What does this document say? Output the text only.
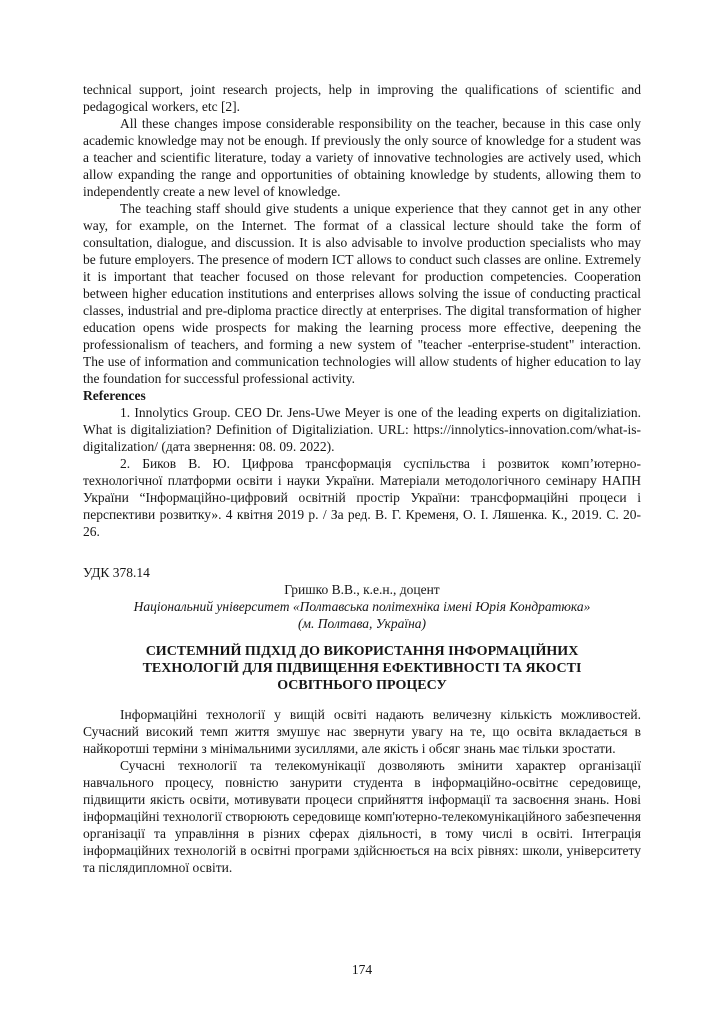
technical support, joint research projects, help in improving the qualifications of scientific and pedagogical workers, etc [2].

All these changes impose considerable responsibility on the teacher, because in this case only academic knowledge may not be enough. If previously the only source of knowledge for a student was a teacher and scientific literature, today a variety of innovative technologies are actively used, which allow expanding the range and opportunities of obtaining knowledge by students, allowing them to independently create a new level of knowledge.

The teaching staff should give students a unique experience that they cannot get in any other way, for example, on the Internet. The format of a classical lecture should take the form of consultation, dialogue, and discussion. It is also advisable to involve production specialists who may be future employers. The presence of modern ICT allows to conduct such classes are online. Extremely it is important that teacher focused on those relevant for production competencies. Cooperation between higher education institutions and enterprises allows solving the issue of conducting practical classes, industrial and pre-diploma practice directly at enterprises. The digital transformation of higher education opens wide prospects for making the learning process more effective, deepening the professionalism of teachers, and forming a new system of "teacher -enterprise-student" interaction. The use of information and communication technologies will allow students of higher education to lay the foundation for successful professional activity.

References

1. Innolytics Group. CEO Dr. Jens-Uwe Meyer is one of the leading experts on digitaliziation. What is digitaliziation? Definition of Digitaliziation. URL: https://innolytics-innovation.com/what-is-digitalization/ (дата звернення: 08. 09. 2022).

2. Биков В. Ю. Цифрова трансформація суспільства і розвиток комп’ютерно-технологічної платформи освіти і науки України. Матеріали методологічного семінару НАПН України “Інформаційно-цифровий освітній простір України: трансформаційні процеси і перспективи розвитку». 4 квітня 2019 р. / За ред. В. Г. Кременя, О. І. Ляшенка. К., 2019. С. 20-26.

УДК 378.14

Гришко В.В., к.е.н., доцент

Національний університет «Полтавська політехніка імені Юрія Кондратюка»

(м. Полтава, Україна)

СИСТЕМНИЙ ПІДХІД ДО ВИКОРИСТАННЯ ІНФОРМАЦІЙНИХ
ТЕХНОЛОГІЙ ДЛЯ ПІДВИЩЕННЯ ЕФЕКТИВНОСТІ ТА ЯКОСТІ
ОСВІТНЬОГО ПРОЦЕСУ

Інформаційні технології у вищій освіті надають величезну кількість можливостей. Сучасний високий темп життя змушує нас звернути увагу на те, що освіта вкладається в найкоротші терміни з мінімальними зусиллями, але якість і обсяг знань має тільки зростати.

Сучасні технології та телекомунікації дозволяють змінити характер організації навчального процесу, повністю занурити студента в інформаційно-освітнє середовище, підвищити якість освіти, мотивувати процеси сприйняття інформації та засвоєння знань. Нові інформаційні технології створюють середовище комп'ютерно-телекомунікаційного забезпечення організації та управління в різних сферах діяльності, в тому числі в освіті. Інтеграція інформаційних технологій в освітні програми здійснюється на всіх рівнях: школи, університету та післядипломної освіти.

174
